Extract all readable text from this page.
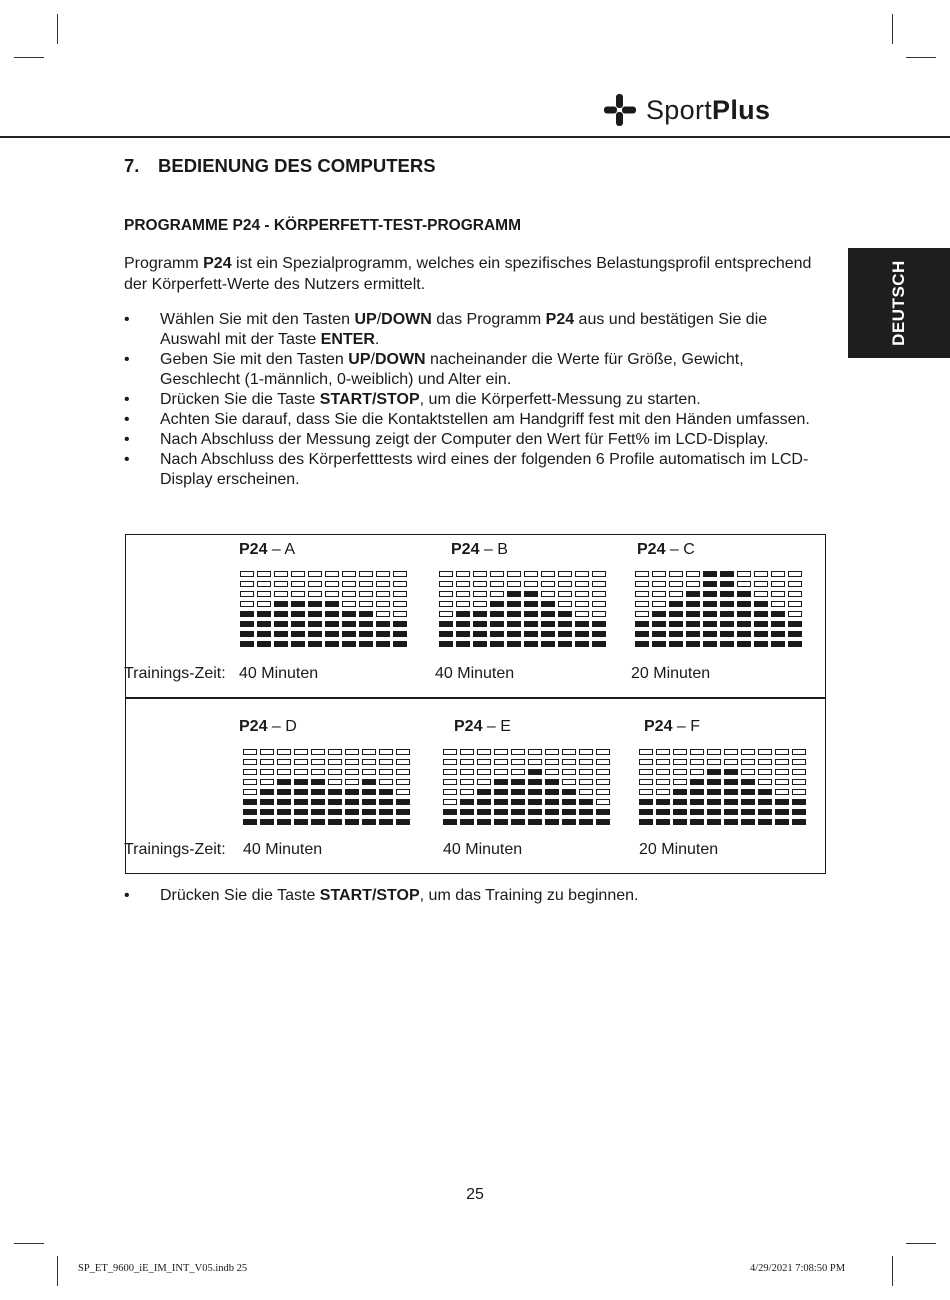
SportPlus
DEUTSCH
7. BEDIENUNG DES COMPUTERS
PROGRAMME P24 - KÖRPERFETT-TEST-PROGRAMM
Programm P24 ist ein Spezialprogramm, welches ein spezifisches Belastungsprofil entsprechend der Körperfett-Werte des Nutzers ermittelt.
• Wählen Sie mit den Tasten UP/DOWN das Programm P24 aus und bestätigen Sie die Auswahl mit der Taste ENTER.
• Geben Sie mit den Tasten UP/DOWN nacheinander die Werte für Größe, Gewicht, Geschlecht (1-männlich, 0-weiblich) und Alter ein.
• Drücken Sie die Taste START/STOP, um die Körperfett-Messung zu starten.
• Achten Sie darauf, dass Sie die Kontaktstellen am Handgriff fest mit den Händen umfassen.
• Nach Abschluss der Messung zeigt der Computer den Wert für Fett% im LCD-Display.
• Nach Abschluss des Körperfetttests wird eines der folgenden 6 Profile automatisch im LCD-Display erscheinen.
P24 – A
40 Minuten
P24 – B
40 Minuten
P24 – C
20 Minuten
P24 – D
40 Minuten
P24 – E
40 Minuten
P24 – F
20 Minuten
Trainings-Zeit:
Trainings-Zeit:
• Drücken Sie die Taste START/STOP, um das Training zu beginnen.
25
SP_ET_9600_iE_IM_INT_V05.indb 25	4/29/2021 7:08:50 PM
